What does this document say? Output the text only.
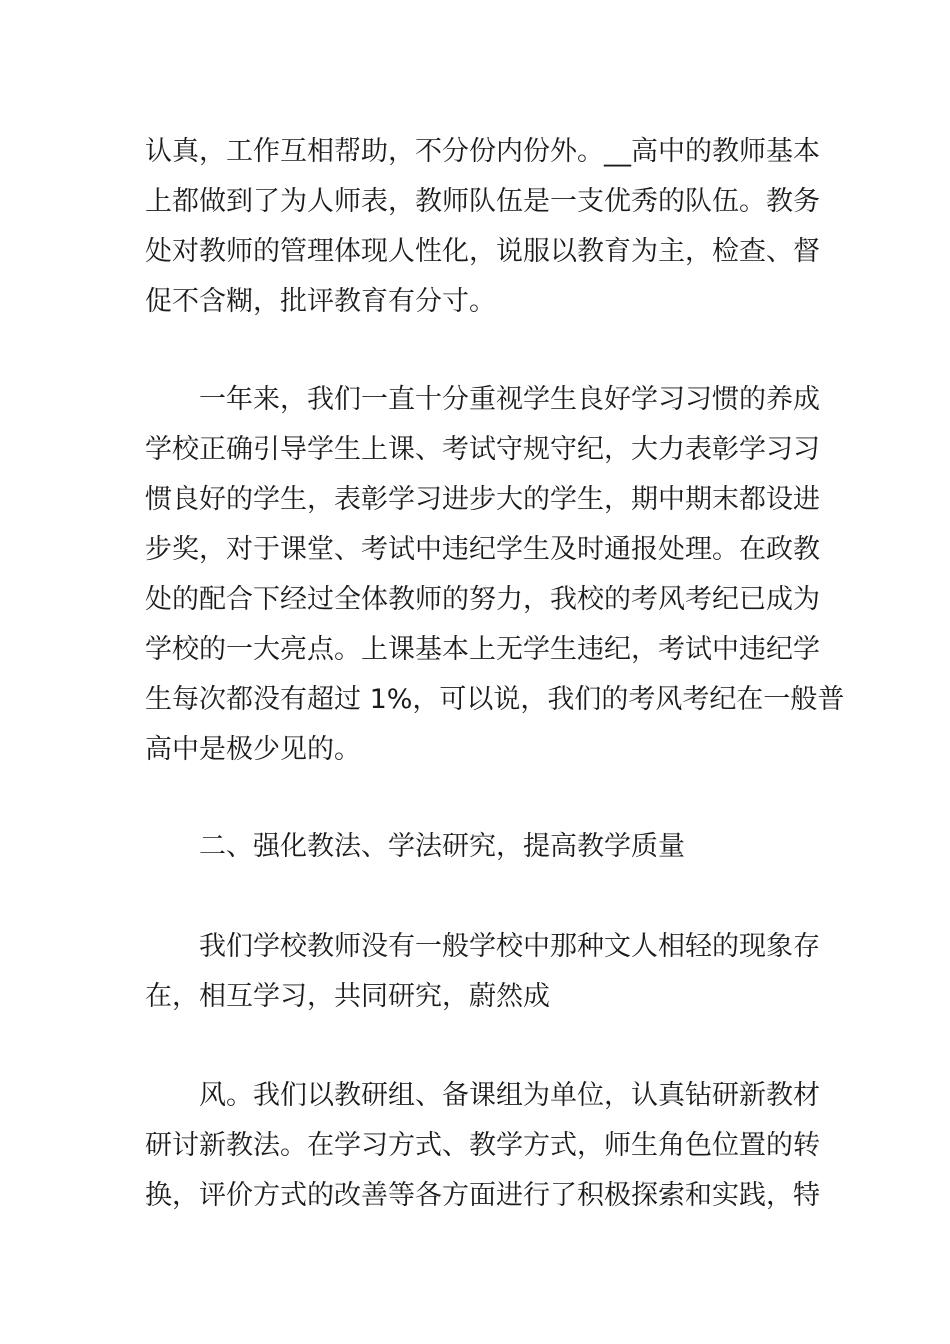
认真，工作互相帮助，不分份内份外。__高中的教师基本
上都做到了为人师表，教师队伍是一支优秀的队伍。教务
处对教师的管理体现人性化，说服以教育为主，检查、督
促不含糊，批评教育有分寸。
一年来，我们一直十分重视学生良好学习习惯的养成
学校正确引导学生上课、考试守规守纪，大力表彰学习习
惯良好的学生，表彰学习进步大的学生，期中期末都设进
步奖，对于课堂、考试中违纪学生及时通报处理。在政教
处的配合下经过全体教师的努力，我校的考风考纪已成为
学校的一大亮点。上课基本上无学生违纪，考试中违纪学
生每次都没有超过 1%，可以说，我们的考风考纪在一般普
高中是极少见的。
二、强化教法、学法研究，提高教学质量
我们学校教师没有一般学校中那种文人相轻的现象存
在，相互学习，共同研究，蔚然成
风。我们以教研组、备课组为单位，认真钻研新教材
研讨新教法。在学习方式、教学方式，师生角色位置的转
换，评价方式的改善等各方面进行了积极探索和实践，特
